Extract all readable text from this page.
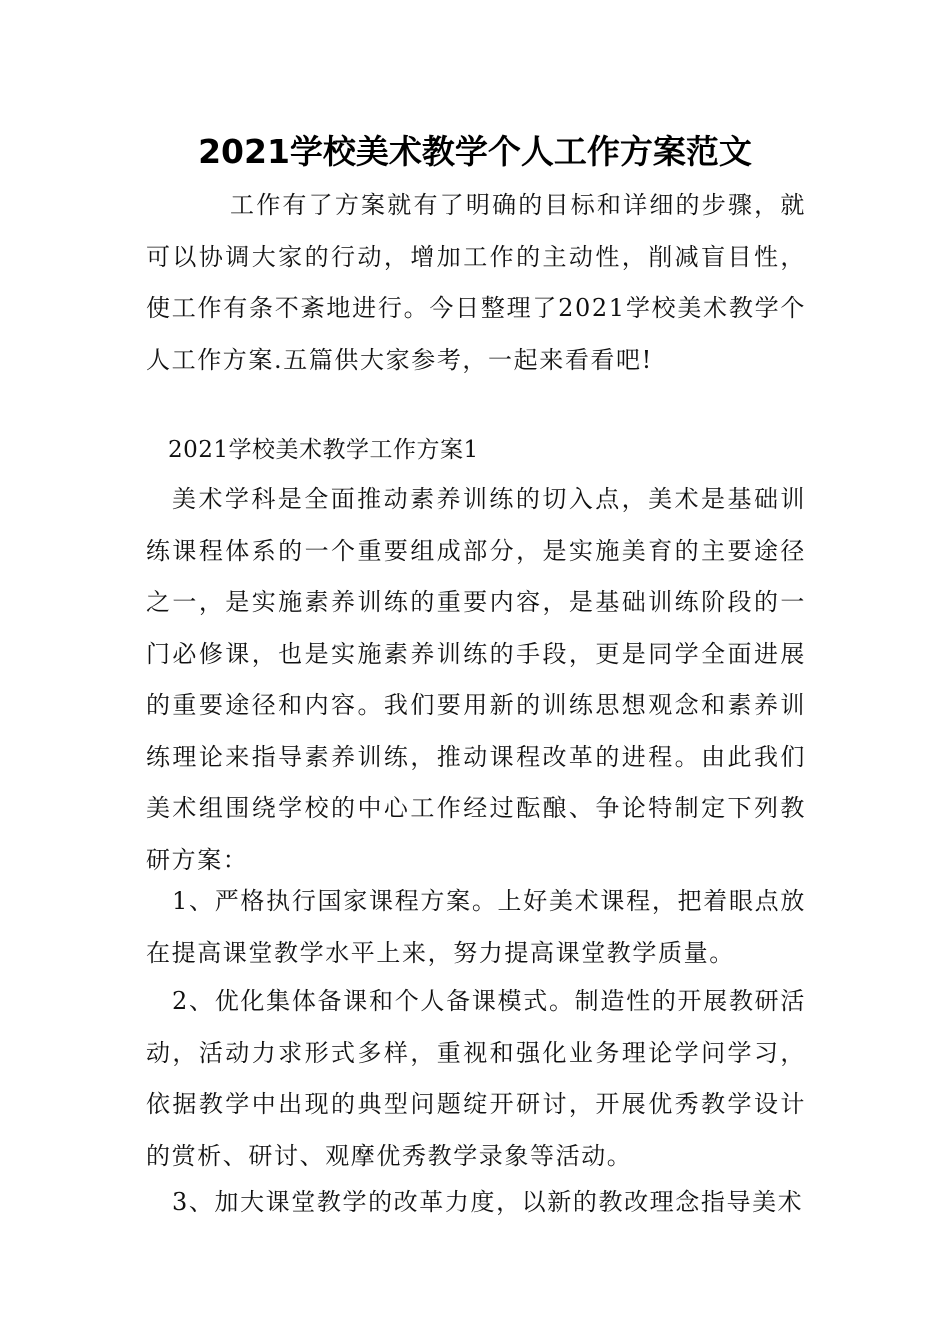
2021学校美术教学个人工作方案范文

工作有了方案就有了明确的目标和详细的步骤，就可以协调大家的行动，增加工作的主动性，削减盲目性，使工作有条不紊地进行。今日整理了2021学校美术教学个人工作方案.五篇供大家参考，一起来看看吧!

2021学校美术教学工作方案1

美术学科是全面推动素养训练的切入点，美术是基础训练课程体系的一个重要组成部分，是实施美育的主要途径之一，是实施素养训练的重要内容，是基础训练阶段的一门必修课，也是实施素养训练的手段，更是同学全面进展的重要途径和内容。我们要用新的训练思想观念和素养训练理论来指导素养训练，推动课程改革的进程。由此我们美术组围绕学校的中心工作经过酝酿、争论特制定下列教研方案：

1、严格执行国家课程方案。上好美术课程，把着眼点放在提高课堂教学水平上来，努力提高课堂教学质量。

2、优化集体备课和个人备课模式。制造性的开展教研活动，活动力求形式多样，重视和强化业务理论学问学习，依据教学中出现的典型问题绽开研讨，开展优秀教学设计的赏析、研讨、观摩优秀教学录象等活动。

3、加大课堂教学的改革力度，以新的教改理念指导美术
